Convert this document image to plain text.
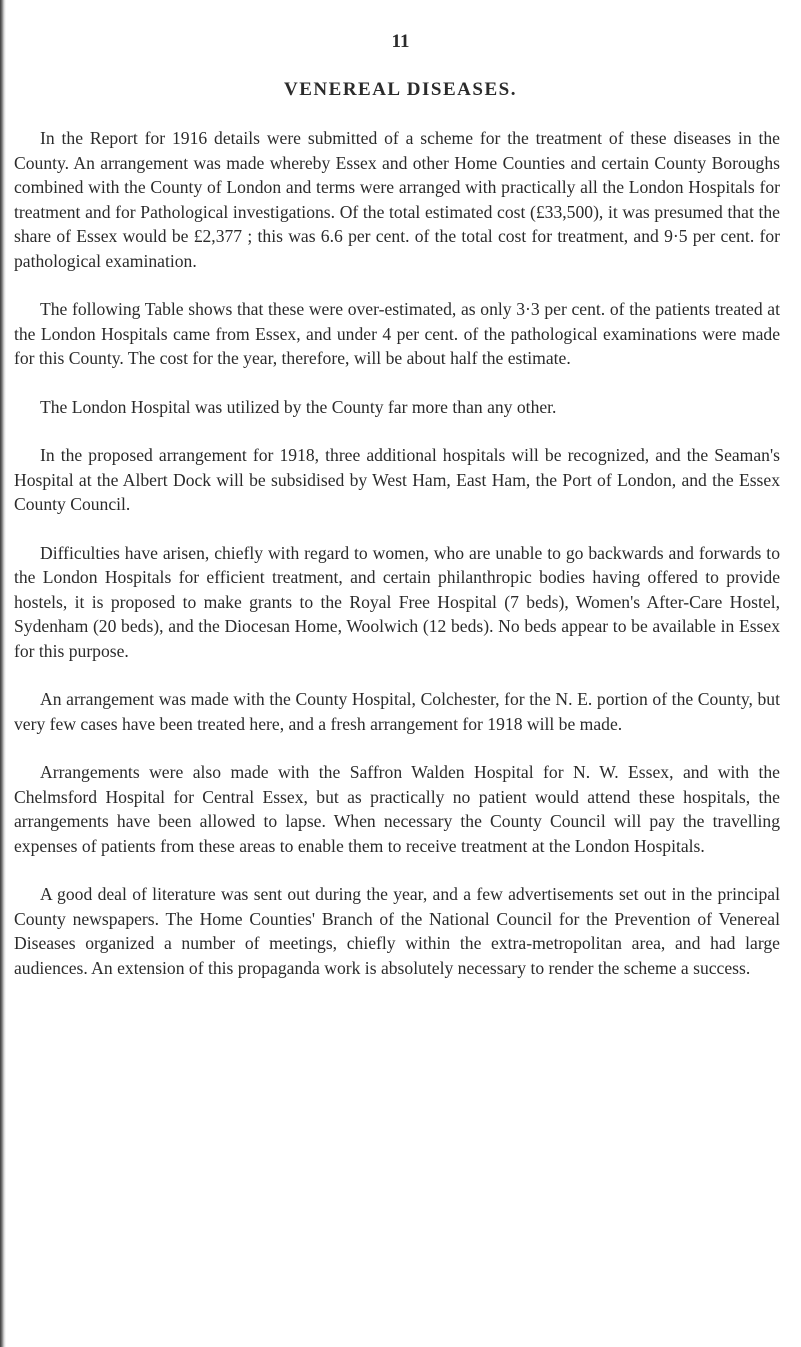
11
VENEREAL DISEASES.

In the Report for 1916 details were submitted of a scheme for the treatment of these diseases in the County. An arrangement was made whereby Essex and other Home Counties and certain County Boroughs combined with the County of London and terms were arranged with practically all the London Hospitals for treatment and for Pathological investigations. Of the total estimated cost (£33,500), it was presumed that the share of Essex would be £2,377 ; this was 6.6 per cent. of the total cost for treatment, and 9·5 per cent. for pathological examination.

The following Table shows that these were over-estimated, as only 3·3 per cent. of the patients treated at the London Hospitals came from Essex, and under 4 per cent. of the pathological examinations were made for this County. The cost for the year, therefore, will be about half the estimate.

The London Hospital was utilized by the County far more than any other.

In the proposed arrangement for 1918, three additional hospitals will be recognized, and the Seaman's Hospital at the Albert Dock will be subsidised by West Ham, East Ham, the Port of London, and the Essex County Council.

Difficulties have arisen, chiefly with regard to women, who are unable to go backwards and forwards to the London Hospitals for efficient treatment, and certain philanthropic bodies having offered to provide hostels, it is proposed to make grants to the Royal Free Hospital (7 beds), Women's After-Care Hostel, Sydenham (20 beds), and the Diocesan Home, Woolwich (12 beds). No beds appear to be available in Essex for this purpose.

An arrangement was made with the County Hospital, Colchester, for the N. E. portion of the County, but very few cases have been treated here, and a fresh arrangement for 1918 will be made.

Arrangements were also made with the Saffron Walden Hospital for N. W. Essex, and with the Chelmsford Hospital for Central Essex, but as practically no patient would attend these hospitals, the arrangements have been allowed to lapse. When necessary the County Council will pay the travelling expenses of patients from these areas to enable them to receive treatment at the London Hospitals.

A good deal of literature was sent out during the year, and a few advertisements set out in the principal County newspapers. The Home Counties' Branch of the National Council for the Prevention of Venereal Diseases organized a number of meetings, chiefly within the extra-metropolitan area, and had large audiences. An extension of this propaganda work is absolutely necessary to render the scheme a success.
